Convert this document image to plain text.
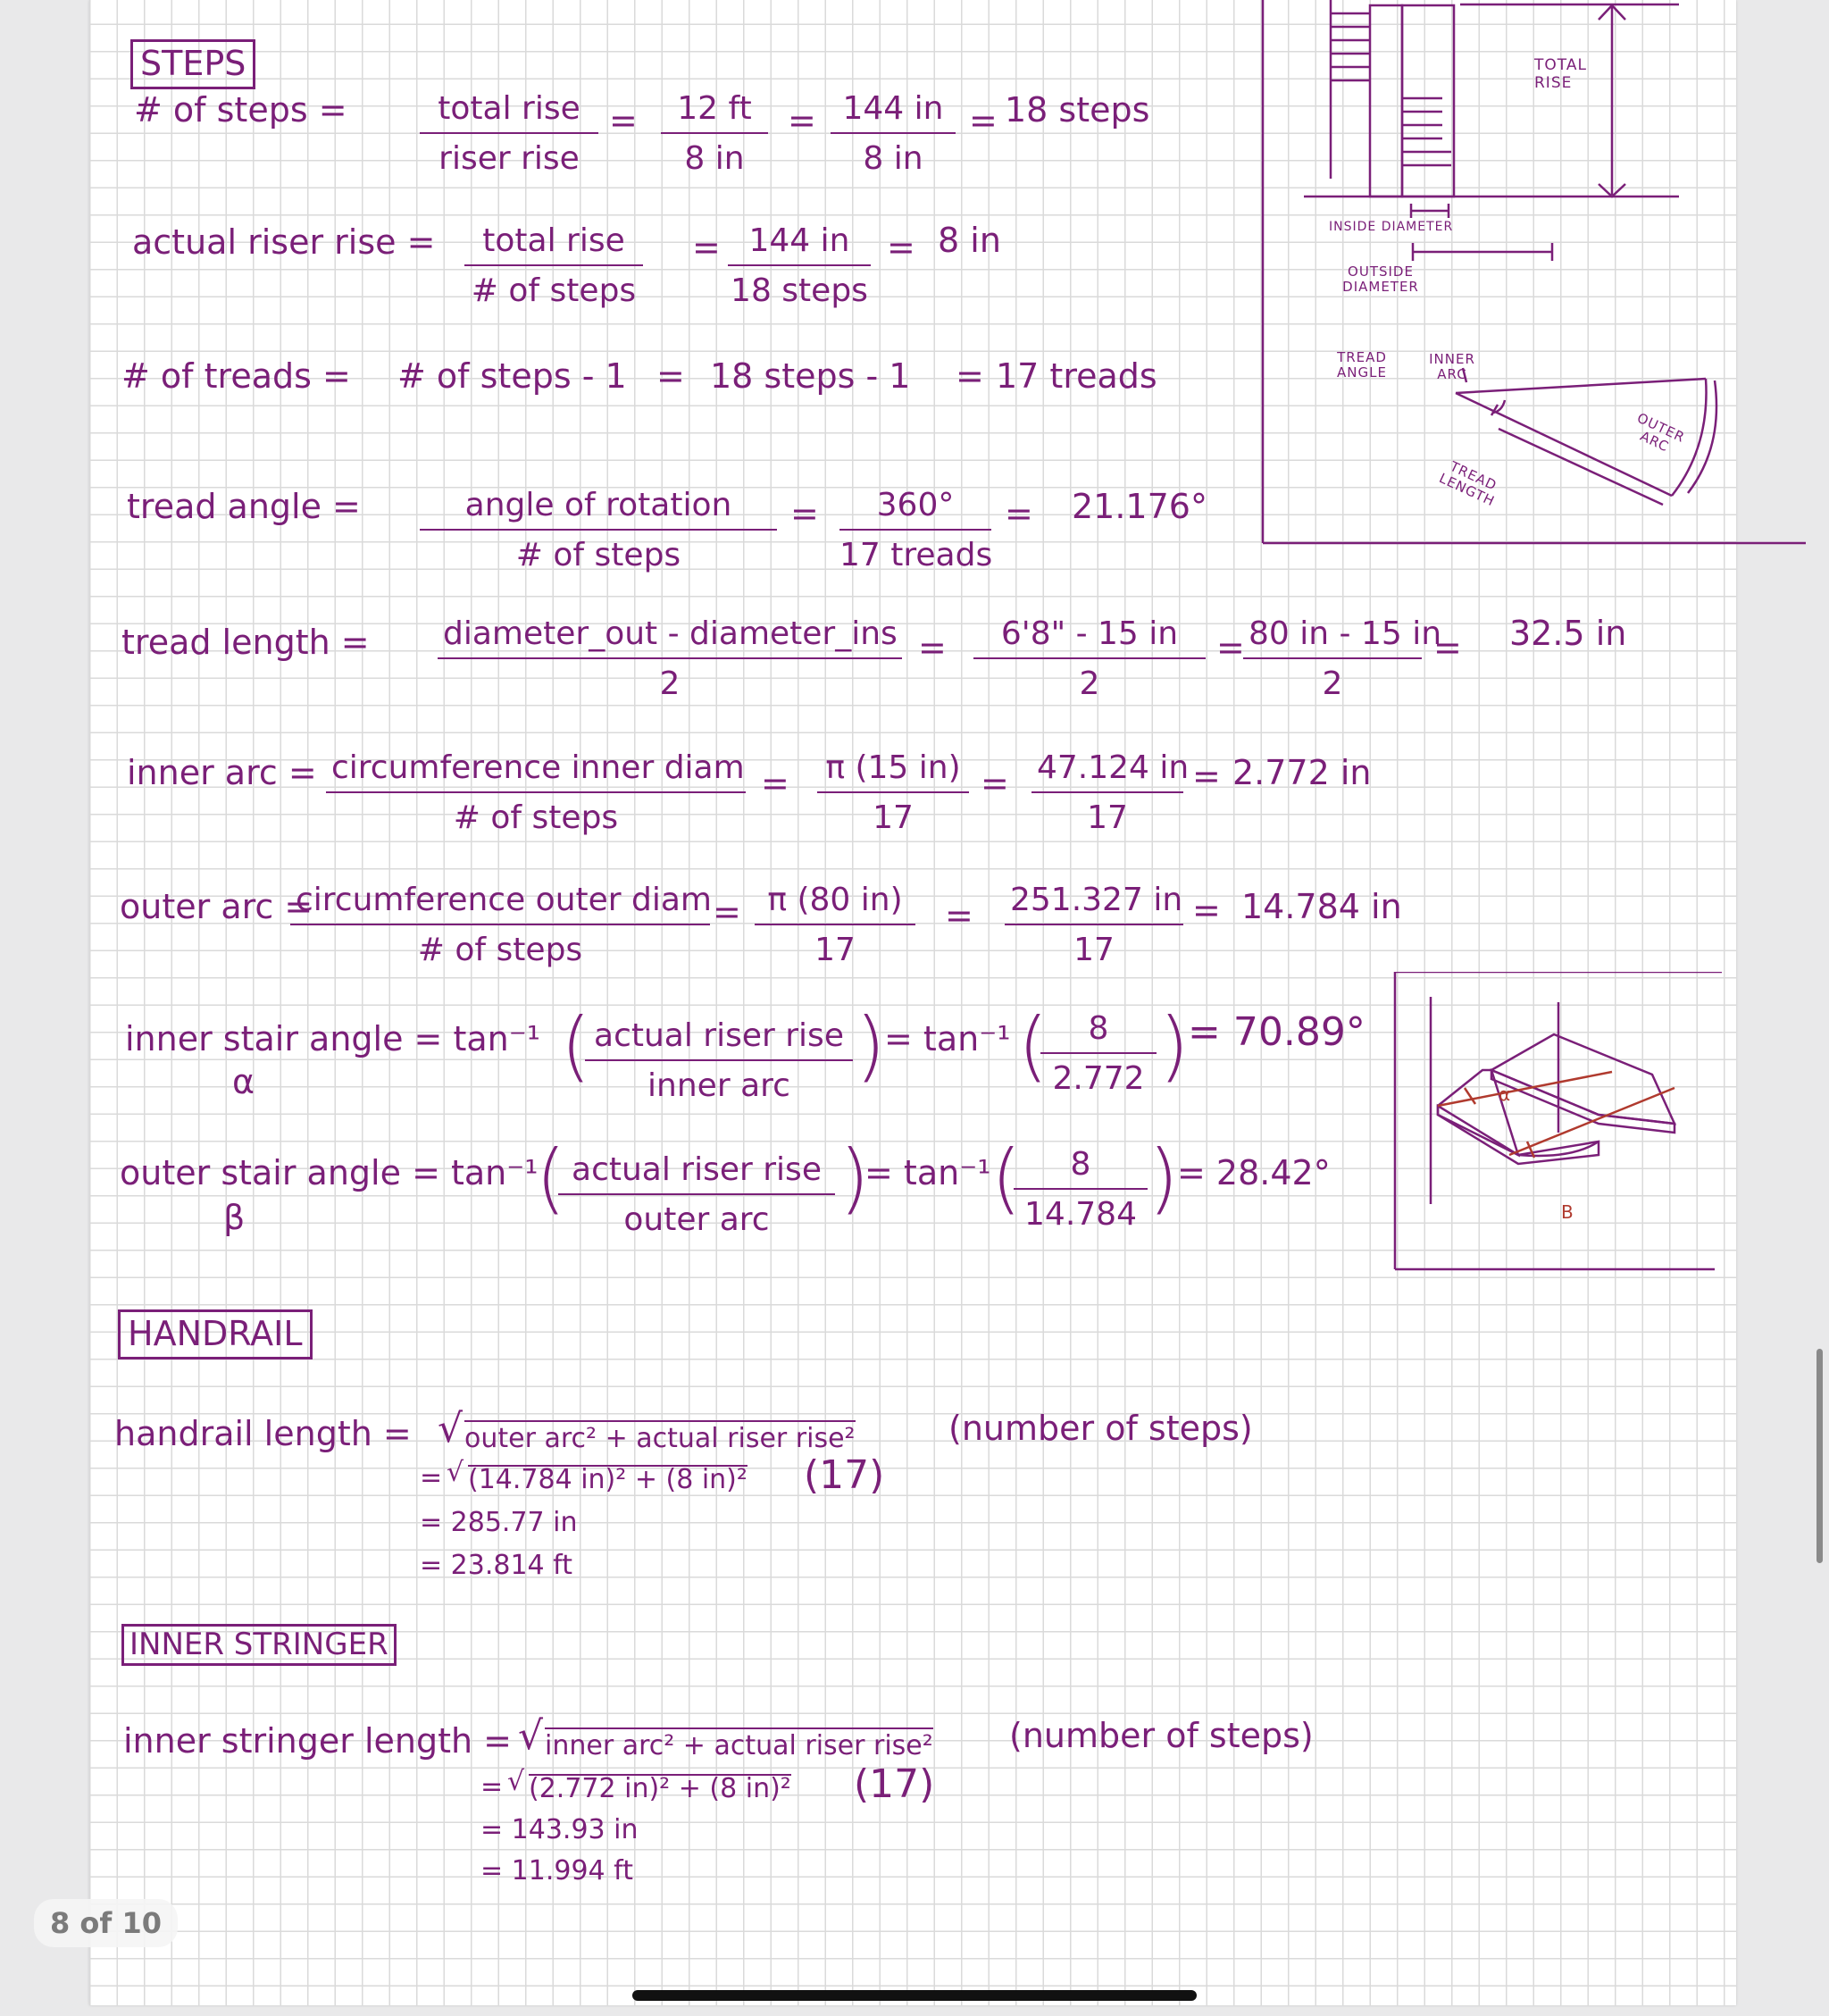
STEPS
# of steps =	total rise
riser rise
= $\frac{12 ft}{8 in} = \frac{144 in}{8 in} = 18$ steps
actual riser rise =	total rise
# of steps
= 144 in
18 steps
= 8 in
# of treads = # of steps - 1 = 18 steps - 1 = 17 treads
tread angle =	angle of rotation
# of steps
=	360°
17 treads
= 21.176°
tread length = diameter_out - diameter_ins
2
= $\frac{6'8" - 15 in}{2}$ =
$\frac{80 in - 15 in}{2} = 32.5$ in
inner arc = circumference inner diam
# of steps
= $\frac{\pi (15 in)}{17} = \frac{47.124 in}{17} = 2.772$ in
outer arc =
circumference outer diam
# of steps
= $\frac{\pi (80 in)}{17} = \frac{251.327 in}{17} = 14.784$ in
inner stair angle = tan⁻¹
α	( actual riser rise
inner arc )
= tan⁻¹ (
$\frac{8}{2.772}$ )
= 70.89°
outer stair angle = tan⁻¹
β	( actual riser rise
outer arc )
= tan⁻¹ (
$\frac{8}{14.784}$ )
= 28.42°
HANDRAIL
handrail length = √ outer arc² + actual riser rise²	(number of steps)
= √ (14.784 in)² + (8 in)² (17)
= 285.77 in
= 23.814 ft
INNER STRINGER
inner stringer length = √ inner arc² + actual riser rise² (number of steps)
= √ (2.772 in)² + (8 in)² (17)
= 143.93 in
= 11.994 ft
TOTAL RISE
INSIDE DIAMETER
OUTSIDE DIAMETER
TREAD ANGLE
INNER ARC
OUTER ARC
TREAD LENGTH
α
B
8 of 10
